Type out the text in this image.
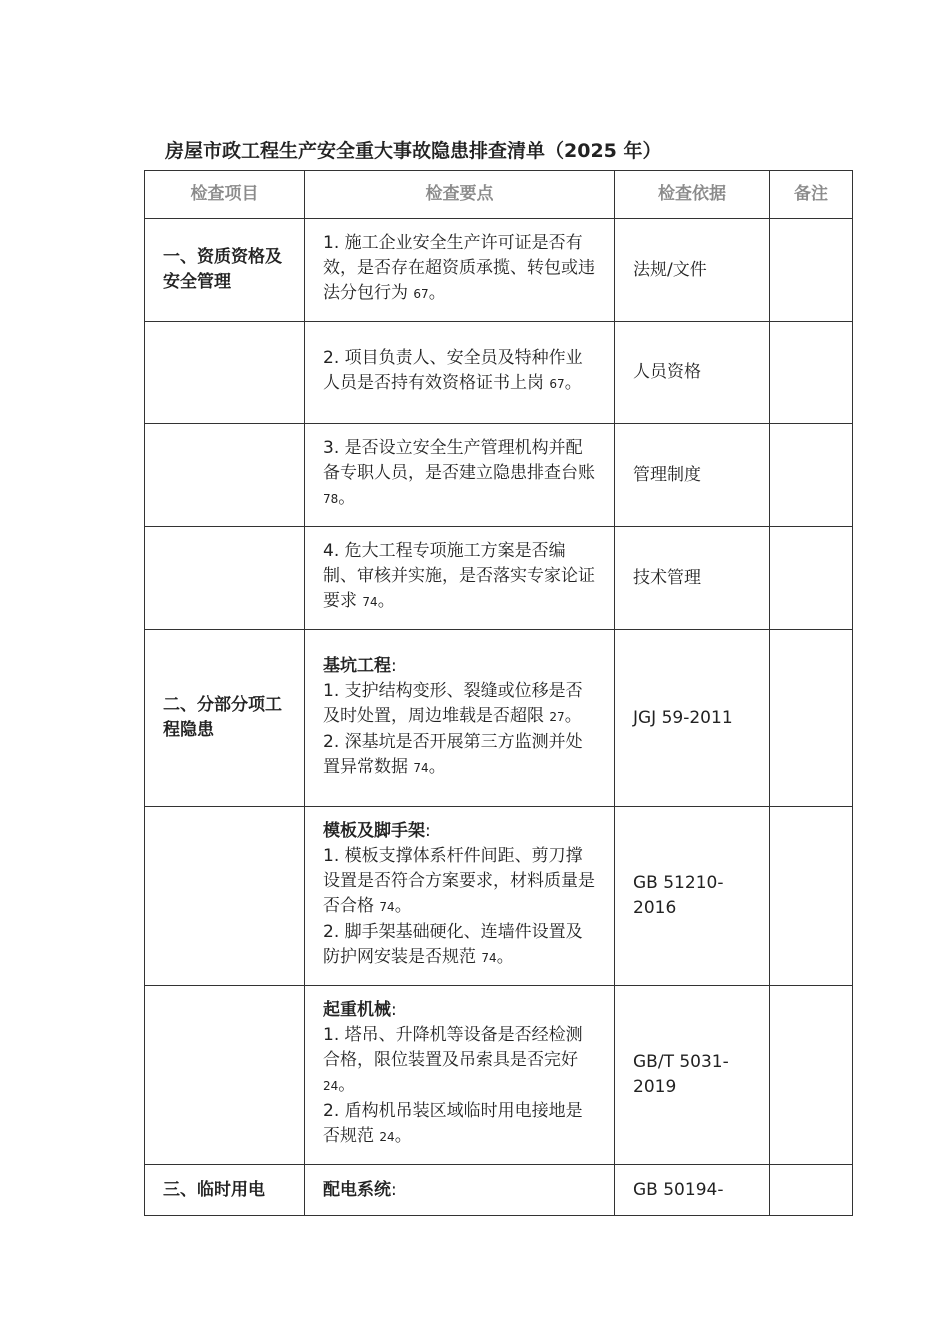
房屋市政工程生产安全重大事故隐患排查清单（2025 年）
检查项目	检查要点	检查依据	备注
一、资质资格及安全管理	1. 施工企业安全生产许可证是否有效，是否存在超资质承揽、转包或违法分包行为 67。	法规/文件	

	2. 项目负责人、安全员及特种作业人员是否持有效资格证书上岗 67。	人员资格	

	3. 是否设立安全生产管理机构并配备专职人员，是否建立隐患排查台账 78。	管理制度	

	4. 危大工程专项施工方案是否编制、审核并实施，是否落实专家论证要求 74。	技术管理	
二、分部分项工程隐患	基坑工程:
1. 支护结构变形、裂缝或位移是否及时处置，周边堆载是否超限 27。
2. 深基坑是否开展第三方监测并处置异常数据 74。	JGJ 59-2011	

	模板及脚手架:
1. 模板支撑体系杆件间距、剪刀撑设置是否符合方案要求，材料质量是否合格 74。
2. 脚手架基础硬化、连墙件设置及防护网安装是否规范 74。	GB 51210-2016	

	起重机械:
1. 塔吊、升降机等设备是否经检测合格，限位装置及吊索具是否完好 24。
2. 盾构机吊装区域临时用电接地是否规范 24。	GB/T 5031-2019	
三、临时用电	配电系统:	GB 50194-	
